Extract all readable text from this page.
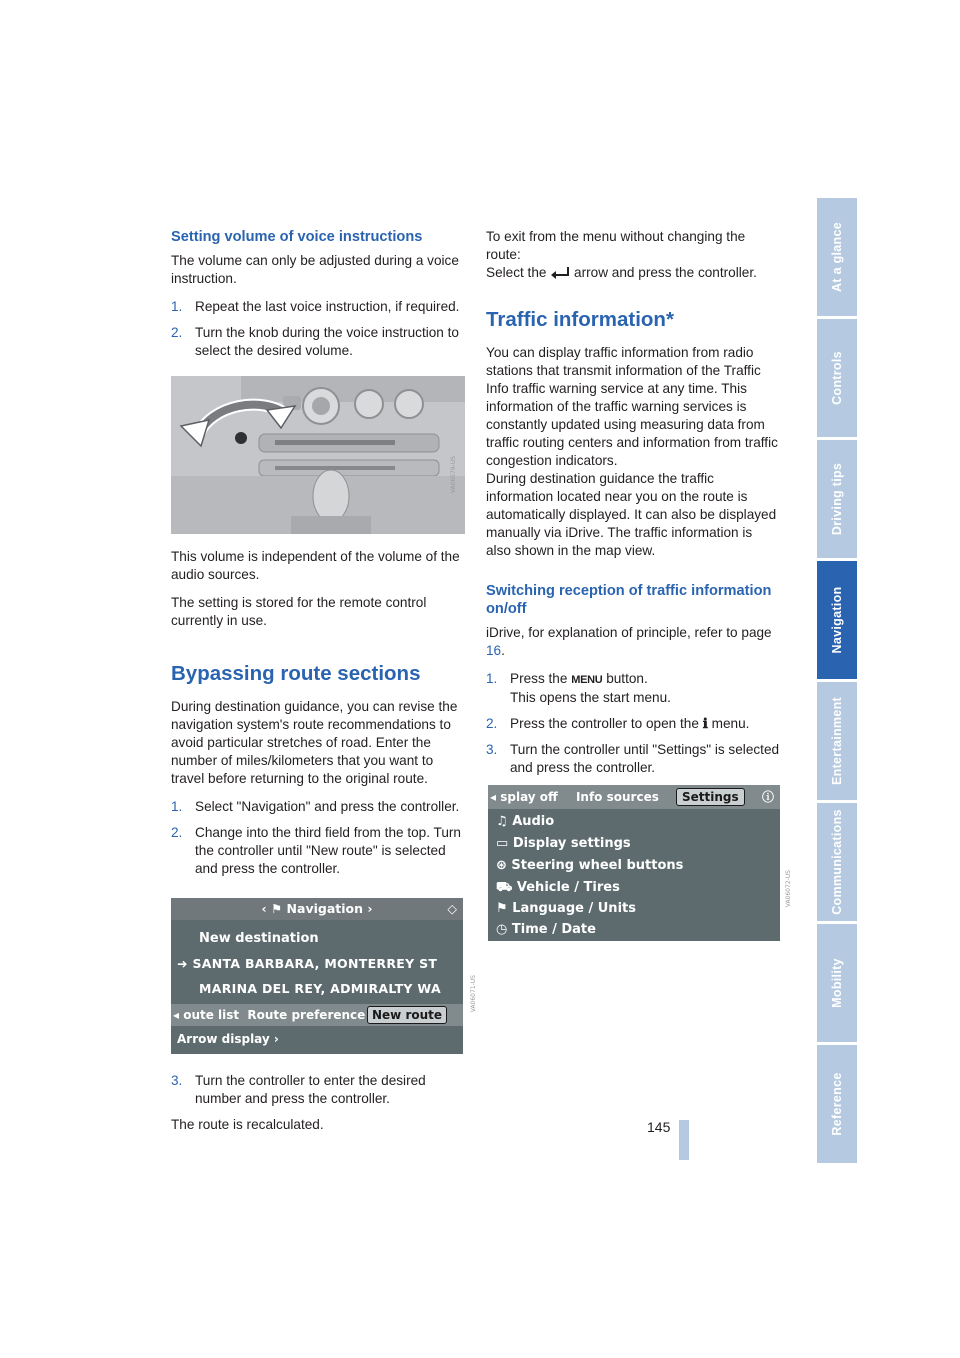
Setting volume of voice instructions

The volume can only be adjusted during a voice instruction.

1. Repeat the last voice instruction, if required.
2. Turn the knob during the voice instruction to select the desired volume.
VA06079-US

This volume is independent of the volume of the audio sources.

The setting is stored for the remote control currently in use.

Bypassing route sections

During destination guidance, you can revise the navigation system's route recommendations to avoid particular stretches of road. Enter the number of miles/kilometers that you want to travel before returning to the original route.

1. Select "Navigation" and press the controller.
2. Change into the third field from the top. Turn the controller until "New route" is selected and press the controller.
‹ ⚑ Navigation ›	◇
New destination
➜ SANTA BARBARA, MONTERREY ST
MARINA DEL REY, ADMIRALTY WA
◂ oute list Route preference New route
Arrow display ›
3. Turn the controller to enter the desired number and press the controller.

The route is recalculated.

VA06071-US

To exit from the menu without changing the route:

Select the arrow and press the controller.

Traffic information*

You can display traffic information from radio stations that transmit information of the Traffic Info traffic warning service at any time. This information of the traffic warning services is constantly updated using measuring data from traffic routing centers and information from traffic congestion indicators.

During destination guidance the traffic information located near you on the route is automatically displayed. It can also be displayed manually via iDrive. The traffic information is also shown in the map view.

Switching reception of traffic information on/off

iDrive, for explanation of principle, refer to page 16.

1. Press the MENU button.
This opens the start menu.
2. Press the controller to open the ℹ menu.
3. Turn the controller until "Settings" is selected and press the controller.
◂ splay off Info sources	Settings	ⓘ
♫ Audio
▭ Display settings
⊛ Steering wheel buttons
⛟ Vehicle / Tires
⚑ Language / Units
◷ Time / Date
VA06072-US
At a glance
Controls
Driving tips
Navigation
Entertainment
Communications
Mobility
Reference
145
